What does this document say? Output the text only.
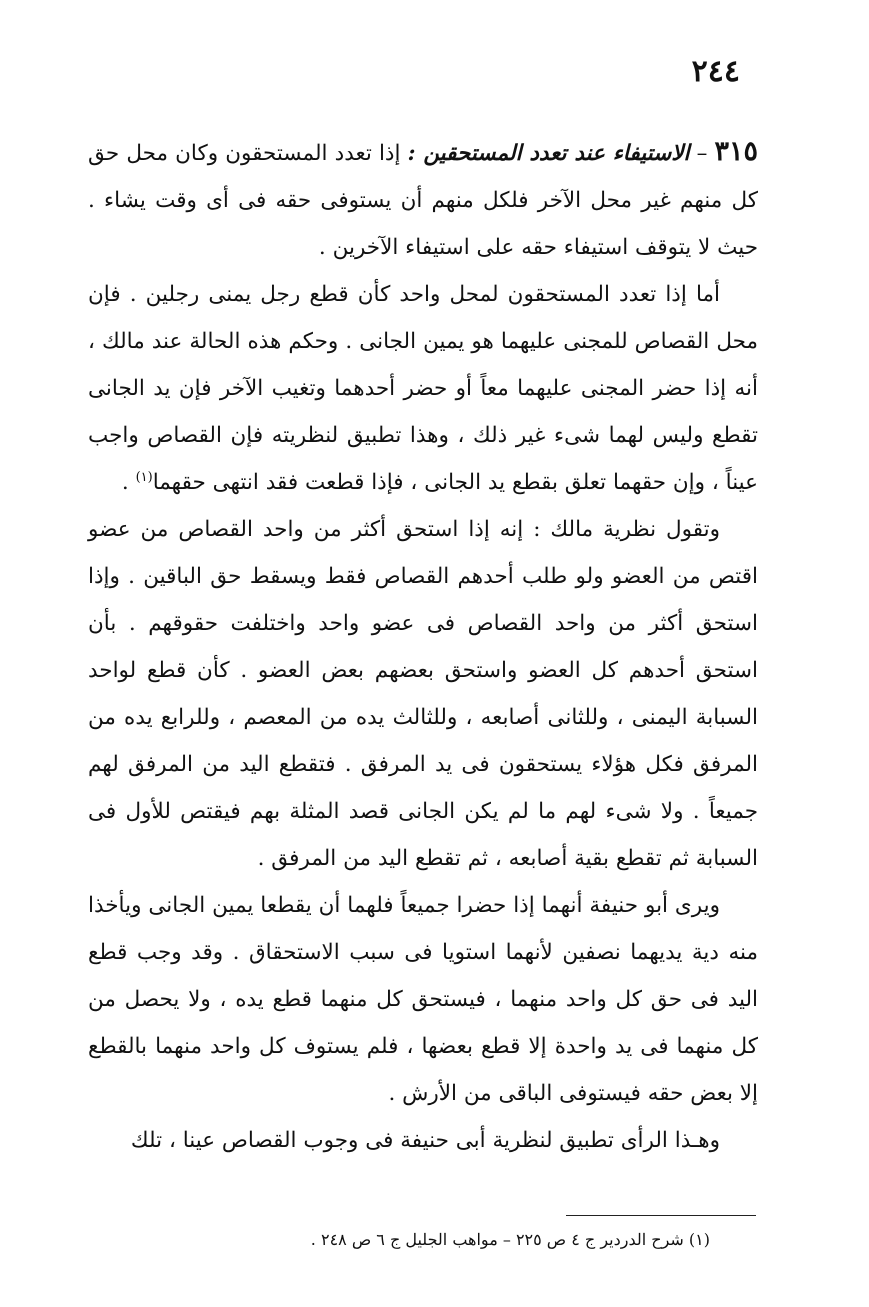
٢٤٤

٣١٥ – الاستيفاء عند تعدد المستحقين : إذا تعدد المستحقون وكان محل حق كل منهم غير محل الآخر فلكل منهم أن يستوفى حقه فى أى وقت يشاء . حيث لا يتوقف استيفاء حقه على استيفاء الآخرين .

أما إذا تعدد المستحقون لمحل واحد كأن قطع رجل يمنى رجلين . فإن محل القصاص للمجنى عليهما هو يمين الجانى . وحكم هذه الحالة عند مالك ، أنه إذا حضر المجنى عليهما معاً أو حضر أحدهما وتغيب الآخر فإن يد الجانى تقطع وليس لهما شىء غير ذلك ، وهذا تطبيق لنظريته فإن القصاص واجب عيناً ، وإن حقهما تعلق بقطع يد الجانى ، فإذا قطعت فقد انتهى حقهما$^{(١)}$ .

وتقول نظرية مالك : إنه إذا استحق أكثر من واحد القصاص من عضو اقتص من العضو ولو طلب أحدهم القصاص فقط ويسقط حق الباقين . وإذا استحق أكثر من واحد القصاص فى عضو واحد واختلفت حقوقهم . بأن استحق أحدهم كل العضو واستحق بعضهم بعض العضو . كأن قطع لواحد السبابة اليمنى ، وللثانى أصابعه ، وللثالث يده من المعصم ، وللرابع يده من المرفق فكل هؤلاء يستحقون فى يد المرفق . فتقطع اليد من المرفق لهم جميعاً . ولا شىء لهم ما لم يكن الجانى قصد المثلة بهم فيقتص للأول فى السبابة ثم تقطع بقية أصابعه ، ثم تقطع اليد من المرفق .

ويرى أبو حنيفة أنهما إذا حضرا جميعاً فلهما أن يقطعا يمين الجانى ويأخذا منه دية يديهما نصفين لأنهما استويا فى سبب الاستحقاق . وقد وجب قطع اليد فى حق كل واحد منهما ، فيستحق كل منهما قطع يده ، ولا يحصل من كل منهما فى يد واحدة إلا قطع بعضها ، فلم يستوف كل واحد منهما بالقطع إلا بعض حقه فيستوفى الباقى من الأرش .

وهـذا الرأى تطبيق لنظرية أبى حنيفة فى وجوب القصاص عينا ، تلك

(١) شرح الدردير ج ٤ ص ٢٢٥ – مواهب الجليل ج ٦ ص ٢٤٨ .
